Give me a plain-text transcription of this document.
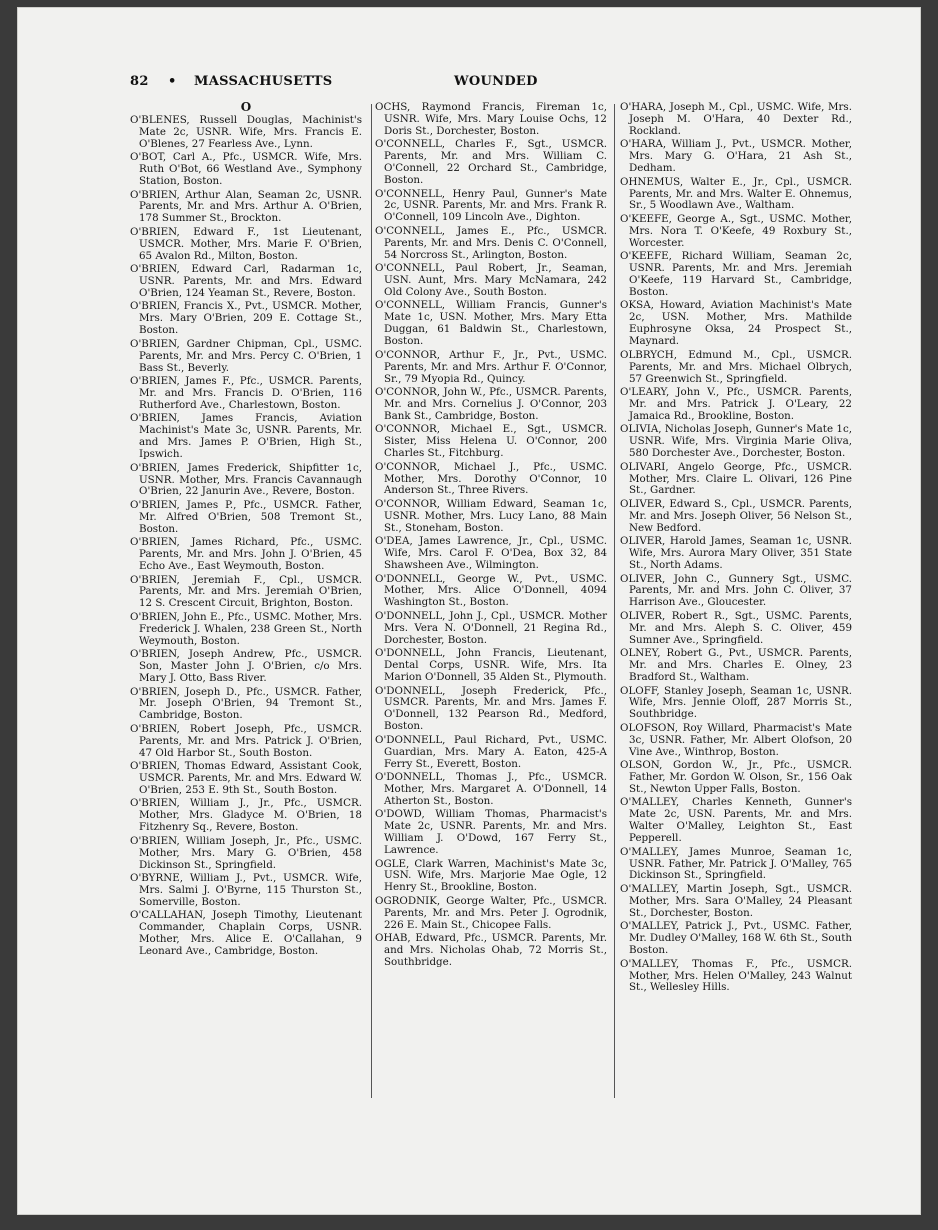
82 • MASSACHUSETTS	WOUNDED
O

O'BLENES, Russell Douglas, Machinist's Mate 2c, USNR. Wife, Mrs. Francis E. O'Blenes, 27 Fearless Ave., Lynn.

O'BOT, Carl A., Pfc., USMCR. Wife, Mrs. Ruth O'Bot, 66 Westland Ave., Symphony Station, Boston.

O'BRIEN, Arthur Alan, Seaman 2c, USNR. Parents, Mr. and Mrs. Arthur A. O'Brien, 178 Summer St., Brockton.

O'BRIEN, Edward F., 1st Lieutenant, USMCR. Mother, Mrs. Marie F. O'Brien, 65 Avalon Rd., Milton, Boston.

O'BRIEN, Edward Carl, Radarman 1c, USNR. Parents, Mr. and Mrs. Edward O'Brien, 124 Yeaman St., Revere, Boston.

O'BRIEN, Francis X., Pvt., USMCR. Mother, Mrs. Mary O'Brien, 209 E. Cottage St., Boston.

O'BRIEN, Gardner Chipman, Cpl., USMC. Parents, Mr. and Mrs. Percy C. O'Brien, 1 Bass St., Beverly.

O'BRIEN, James F., Pfc., USMCR. Parents, Mr. and Mrs. Francis D. O'Brien, 116 Rutherford Ave., Charlestown, Boston.

O'BRIEN, James Francis, Aviation Machinist's Mate 3c, USNR. Parents, Mr. and Mrs. James P. O'Brien, High St., Ipswich.

O'BRIEN, James Frederick, Shipfitter 1c, USNR. Mother, Mrs. Francis Cavannaugh O'Brien, 22 Janurin Ave., Revere, Boston.

O'BRIEN, James P., Pfc., USMCR. Father, Mr. Alfred O'Brien, 508 Tremont St., Boston.

O'BRIEN, James Richard, Pfc., USMC. Parents, Mr. and Mrs. John J. O'Brien, 45 Echo Ave., East Weymouth, Boston.

O'BRIEN, Jeremiah F., Cpl., USMCR. Parents, Mr. and Mrs. Jeremiah O'Brien, 12 S. Crescent Circuit, Brighton, Boston.

O'BRIEN, John E., Pfc., USMC. Mother, Mrs. Frederick J. Whalen, 238 Green St., North Weymouth, Boston.

O'BRIEN, Joseph Andrew, Pfc., USMCR. Son, Master John J. O'Brien, c/o Mrs. Mary J. Otto, Bass River.

O'BRIEN, Joseph D., Pfc., USMCR. Father, Mr. Joseph O'Brien, 94 Tremont St., Cambridge, Boston.

O'BRIEN, Robert Joseph, Pfc., USMCR. Parents, Mr. and Mrs. Patrick J. O'Brien, 47 Old Harbor St., South Boston.

O'BRIEN, Thomas Edward, Assistant Cook, USMCR. Parents, Mr. and Mrs. Edward W. O'Brien, 253 E. 9th St., South Boston.

O'BRIEN, William J., Jr., Pfc., USMCR. Mother, Mrs. Gladyce M. O'Brien, 18 Fitzhenry Sq., Revere, Boston.

O'BRIEN, William Joseph, Jr., Pfc., USMC. Mother, Mrs. Mary G. O'Brien, 458 Dickinson St., Springfield.

O'BYRNE, William J., Pvt., USMCR. Wife, Mrs. Salmi J. O'Byrne, 115 Thurston St., Somerville, Boston.

O'CALLAHAN, Joseph Timothy, Lieutenant Commander, Chaplain Corps, USNR. Mother, Mrs. Alice E. O'Callahan, 9 Leonard Ave., Cambridge, Boston.

OCHS, Raymond Francis, Fireman 1c, USNR. Wife, Mrs. Mary Louise Ochs, 12 Doris St., Dorchester, Boston.

O'CONNELL, Charles F., Sgt., USMCR. Parents, Mr. and Mrs. William C. O'Connell, 22 Orchard St., Cambridge, Boston.

O'CONNELL, Henry Paul, Gunner's Mate 2c, USNR. Parents, Mr. and Mrs. Frank R. O'Connell, 109 Lincoln Ave., Dighton.

O'CONNELL, James E., Pfc., USMCR. Parents, Mr. and Mrs. Denis C. O'Connell, 54 Norcross St., Arlington, Boston.

O'CONNELL, Paul Robert, Jr., Seaman, USN. Aunt, Mrs. Mary McNamara, 242 Old Colony Ave., South Boston.

O'CONNELL, William Francis, Gunner's Mate 1c, USN. Mother, Mrs. Mary Etta Duggan, 61 Baldwin St., Charlestown, Boston.

O'CONNOR, Arthur F., Jr., Pvt., USMC. Parents, Mr. and Mrs. Arthur F. O'Connor, Sr., 79 Myopia Rd., Quincy.

O'CONNOR, John W., Pfc., USMCR. Parents, Mr. and Mrs. Cornelius J. O'Connor, 203 Bank St., Cambridge, Boston.

O'CONNOR, Michael E., Sgt., USMCR. Sister, Miss Helena U. O'Connor, 200 Charles St., Fitchburg.

O'CONNOR, Michael J., Pfc., USMC. Mother, Mrs. Dorothy O'Connor, 10 Anderson St., Three Rivers.

O'CONNOR, William Edward, Seaman 1c, USNR. Mother, Mrs. Lucy Lano, 88 Main St., Stoneham, Boston.

O'DEA, James Lawrence, Jr., Cpl., USMC. Wife, Mrs. Carol F. O'Dea, Box 32, 84 Shawsheen Ave., Wilmington.

O'DONNELL, George W., Pvt., USMC. Mother, Mrs. Alice O'Donnell, 4094 Washington St., Boston.

O'DONNELL, John J., Cpl., USMCR. Mother Mrs. Vera N. O'Donnell, 21 Regina Rd., Dorchester, Boston.

O'DONNELL, John Francis, Lieutenant, Dental Corps, USNR. Wife, Mrs. Ita Marion O'Donnell, 35 Alden St., Plymouth.

O'DONNELL, Joseph Frederick, Pfc., USMCR. Parents, Mr. and Mrs. James F. O'Donnell, 132 Pearson Rd., Medford, Boston.

O'DONNELL, Paul Richard, Pvt., USMC. Guardian, Mrs. Mary A. Eaton, 425-A Ferry St., Everett, Boston.

O'DONNELL, Thomas J., Pfc., USMCR. Mother, Mrs. Margaret A. O'Donnell, 14 Atherton St., Boston.

O'DOWD, William Thomas, Pharmacist's Mate 2c, USNR. Parents, Mr. and Mrs. William J. O'Dowd, 167 Ferry St., Lawrence.

OGLE, Clark Warren, Machinist's Mate 3c, USN. Wife, Mrs. Marjorie Mae Ogle, 12 Henry St., Brookline, Boston.

OGRODNIK, George Walter, Pfc., USMCR. Parents, Mr. and Mrs. Peter J. Ogrodnik, 226 E. Main St., Chicopee Falls.

OHAB, Edward, Pfc., USMCR. Parents, Mr. and Mrs. Nicholas Ohab, 72 Morris St., Southbridge.

O'HARA, Joseph M., Cpl., USMC. Wife, Mrs. Joseph M. O'Hara, 40 Dexter Rd., Rockland.

O'HARA, William J., Pvt., USMCR. Mother, Mrs. Mary G. O'Hara, 21 Ash St., Dedham.

OHNEMUS, Walter E., Jr., Cpl., USMCR. Parents, Mr. and Mrs. Walter E. Ohnemus, Sr., 5 Woodlawn Ave., Waltham.

O'KEEFE, George A., Sgt., USMC. Mother, Mrs. Nora T. O'Keefe, 49 Roxbury St., Worcester.

O'KEEFE, Richard William, Seaman 2c, USNR. Parents, Mr. and Mrs. Jeremiah O'Keefe, 119 Harvard St., Cambridge, Boston.

OKSA, Howard, Aviation Machinist's Mate 2c, USN. Mother, Mrs. Mathilde Euphrosyne Oksa, 24 Prospect St., Maynard.

OLBRYCH, Edmund M., Cpl., USMCR. Parents, Mr. and Mrs. Michael Olbrych, 57 Greenwich St., Springfield.

O'LEARY, John V., Pfc., USMCR. Parents, Mr. and Mrs. Patrick J. O'Leary, 22 Jamaica Rd., Brookline, Boston.

OLIVIA, Nicholas Joseph, Gunner's Mate 1c, USNR. Wife, Mrs. Virginia Marie Oliva, 580 Dorchester Ave., Dorchester, Boston.

OLIVARI, Angelo George, Pfc., USMCR. Mother, Mrs. Claire L. Olivari, 126 Pine St., Gardner.

OLIVER, Edward S., Cpl., USMCR. Parents, Mr. and Mrs. Joseph Oliver, 56 Nelson St., New Bedford.

OLIVER, Harold James, Seaman 1c, USNR. Wife, Mrs. Aurora Mary Oliver, 351 State St., North Adams.

OLIVER, John C., Gunnery Sgt., USMC. Parents, Mr. and Mrs. John C. Oliver, 37 Harrison Ave., Gloucester.

OLIVER, Robert R., Sgt., USMC. Parents, Mr. and Mrs. Aleph S. C. Oliver, 459 Sumner Ave., Springfield.

OLNEY, Robert G., Pvt., USMCR. Parents, Mr. and Mrs. Charles E. Olney, 23 Bradford St., Waltham.

OLOFF, Stanley Joseph, Seaman 1c, USNR. Wife, Mrs. Jennie Oloff, 287 Morris St., Southbridge.

OLOFSON, Roy Willard, Pharmacist's Mate 3c, USNR. Father, Mr. Albert Olofson, 20 Vine Ave., Winthrop, Boston.

OLSON, Gordon W., Jr., Pfc., USMCR. Father, Mr. Gordon W. Olson, Sr., 156 Oak St., Newton Upper Falls, Boston.

O'MALLEY, Charles Kenneth, Gunner's Mate 2c, USN. Parents, Mr. and Mrs. Walter O'Malley, Leighton St., East Pepperell.

O'MALLEY, James Munroe, Seaman 1c, USNR. Father, Mr. Patrick J. O'Malley, 765 Dickinson St., Springfield.

O'MALLEY, Martin Joseph, Sgt., USMCR. Mother, Mrs. Sara O'Malley, 24 Pleasant St., Dorchester, Boston.

O'MALLEY, Patrick J., Pvt., USMC. Father, Mr. Dudley O'Malley, 168 W. 6th St., South Boston.

O'MALLEY, Thomas F., Pfc., USMCR. Mother, Mrs. Helen O'Malley, 243 Walnut St., Wellesley Hills.
